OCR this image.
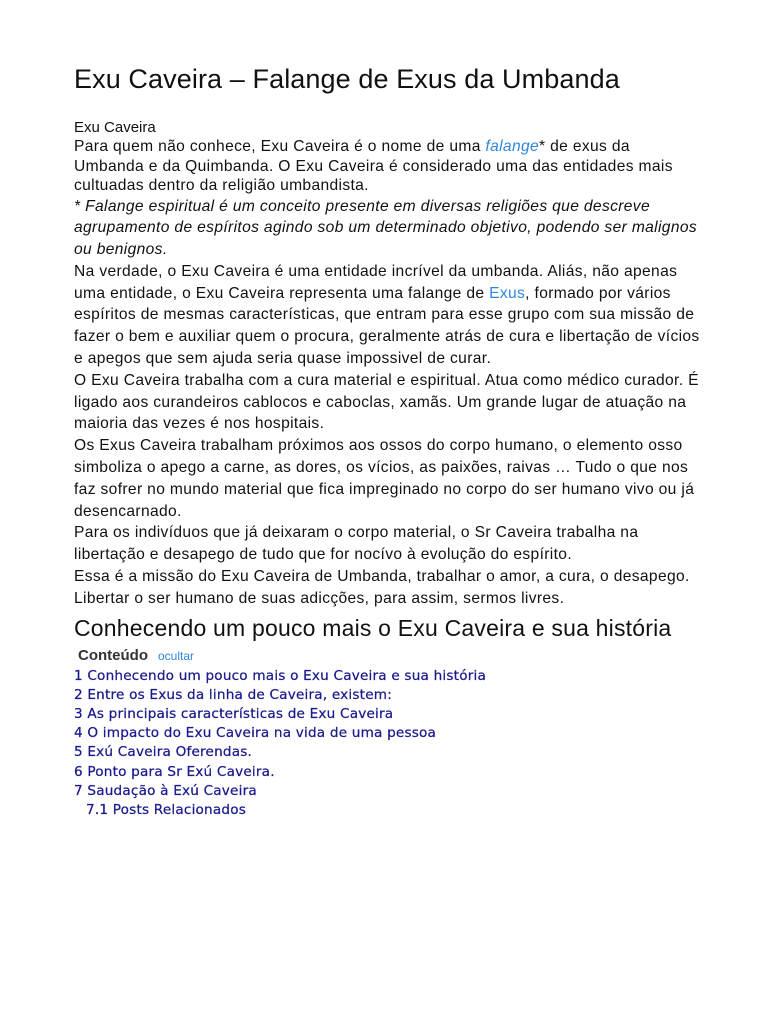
Exu Caveira – Falange de Exus da Umbanda
Exu Caveira

Para quem não conhece, Exu Caveira é o nome de uma falange* de exus da Umbanda e da Quimbanda. O Exu Caveira é considerado uma das entidades mais cultuadas dentro da religião umbandista.

* Falange espiritual é um conceito presente em diversas religiões que descreve agrupamento de espíritos agindo sob um determinado objetivo, podendo ser malignos ou benignos.

Na verdade, o Exu Caveira é uma entidade incrível da umbanda. Aliás, não apenas uma entidade, o Exu Caveira representa uma falange de Exus, formado por vários espíritos de mesmas características, que entram para esse grupo com sua missão de fazer o bem e auxiliar quem o procura, geralmente atrás de cura e libertação de vícios e apegos que sem ajuda seria quase impossivel de curar.

O Exu Caveira trabalha com a cura material e espiritual. Atua como médico curador. É ligado aos curandeiros cablocos e caboclas, xamãs. Um grande lugar de atuação na maioria das vezes é nos hospitais.

Os Exus Caveira trabalham próximos aos ossos do corpo humano, o elemento osso simboliza o apego a carne, as dores, os vícios, as paixões, raivas … Tudo o que nos faz sofrer no mundo material que fica impreginado no corpo do ser humano vivo ou já desencarnado.

Para os indivíduos que já deixaram o corpo material, o Sr Caveira trabalha na libertação e desapego de tudo que for nocívo à evolução do espírito.

Essa é a missão do Exu Caveira de Umbanda, trabalhar o amor, a cura, o desapego. Libertar o ser humano de suas adicções, para assim, sermos livres.

Conhecendo um pouco mais o Exu Caveira e sua história
Conteúdo ocultar
1 Conhecendo um pouco mais o Exu Caveira e sua história
2 Entre os Exus da linha de Caveira, existem:
3 As principais características de Exu Caveira
4 O impacto do Exu Caveira na vida de uma pessoa
5 Exú Caveira Oferendas.
6 Ponto para Sr Exú Caveira.
7 Saudação à Exú Caveira
7.1 Posts Relacionados
